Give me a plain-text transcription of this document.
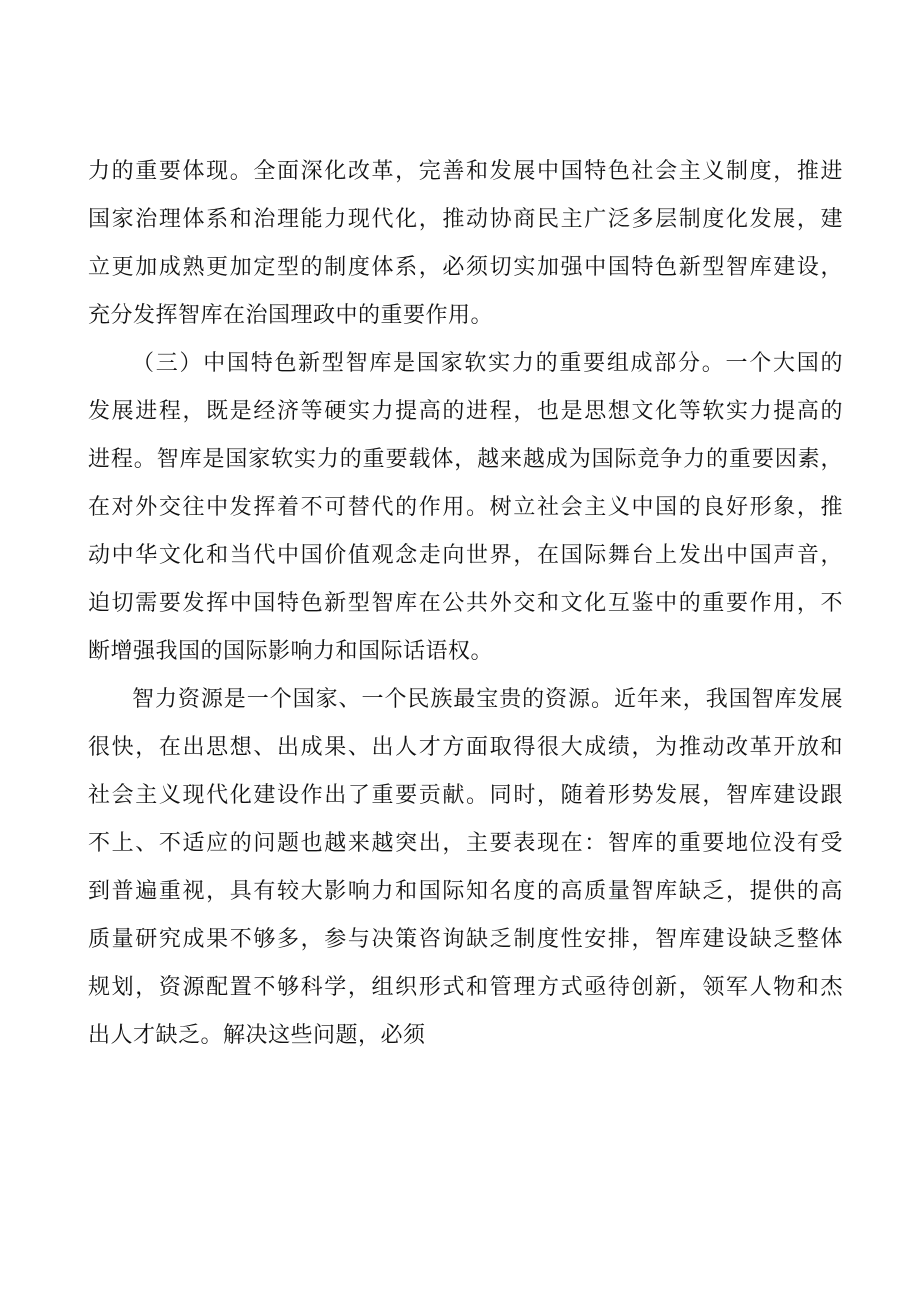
力的重要体现。全面深化改革，完善和发展中国特色社会主义制度，推进
国家治理体系和治理能力现代化，推动协商民主广泛多层制度化发展，建
立更加成熟更加定型的制度体系，必须切实加强中国特色新型智库建设，
充分发挥智库在治国理政中的重要作用。
（三）中国特色新型智库是国家软实力的重要组成部分。一个大国的
发展进程，既是经济等硬实力提高的进程，也是思想文化等软实力提高的
进程。智库是国家软实力的重要载体，越来越成为国际竞争力的重要因素，
在对外交往中发挥着不可替代的作用。树立社会主义中国的良好形象，推
动中华文化和当代中国价值观念走向世界，在国际舞台上发出中国声音，
迫切需要发挥中国特色新型智库在公共外交和文化互鉴中的重要作用，不
断增强我国的国际影响力和国际话语权。
智力资源是一个国家、一个民族最宝贵的资源。近年来，我国智库发展
很快，在出思想、出成果、出人才方面取得很大成绩，为推动改革开放和
社会主义现代化建设作出了重要贡献。同时，随着形势发展，智库建设跟
不上、不适应的问题也越来越突出，主要表现在：智库的重要地位没有受
到普遍重视，具有较大影响力和国际知名度的高质量智库缺乏，提供的高
质量研究成果不够多，参与决策咨询缺乏制度性安排，智库建设缺乏整体
规划，资源配置不够科学，组织形式和管理方式亟待创新，领军人物和杰
出人才缺乏。解决这些问题，必须
